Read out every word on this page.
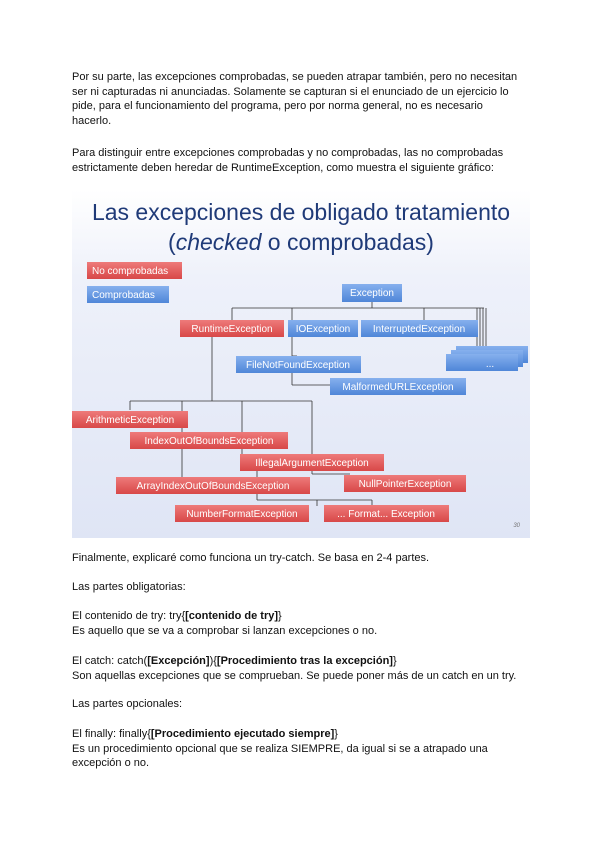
Por su parte, las excepciones comprobadas, se pueden atrapar también, pero no necesitan
ser ni capturadas ni anunciadas. Solamente se capturan si el enunciado de un ejercicio lo
pide, para el funcionamiento del programa, pero por norma general, no es necesario
hacerlo.

Para distinguir entre excepciones comprobadas y no comprobadas, las no comprobadas
estrictamente deben heredar de RuntimeException, como muestra el siguiente gráfico:

Las excepciones de obligado tratamiento
(checked o comprobadas)
No comprobadas
Comprobadas	Exception
RuntimeException IOException InterruptedException
...
FileNotFoundException
MalformedURLException
ArithmeticException
IndexOutOfBoundsException
IllegalArgumentException
ArrayIndexOutOfBoundsException	NullPointerException
NumberFormatException	... Format... Exception
30

Finalmente, explicaré como funciona un try-catch. Se basa en 2-4 partes.

Las partes obligatorias:

El contenido de try: try{[contenido de try]}
Es aquello que se va a comprobar si lanzan excepciones o no.

El catch: catch([Excepción]){[Procedimiento tras la excepción]}
Son aquellas excepciones que se comprueban. Se puede poner más de un catch en un try.

Las partes opcionales:

El finally: finally{[Procedimiento ejecutado siempre]}
Es un procedimiento opcional que se realiza SIEMPRE, da igual si se a atrapado una
excepción o no.
